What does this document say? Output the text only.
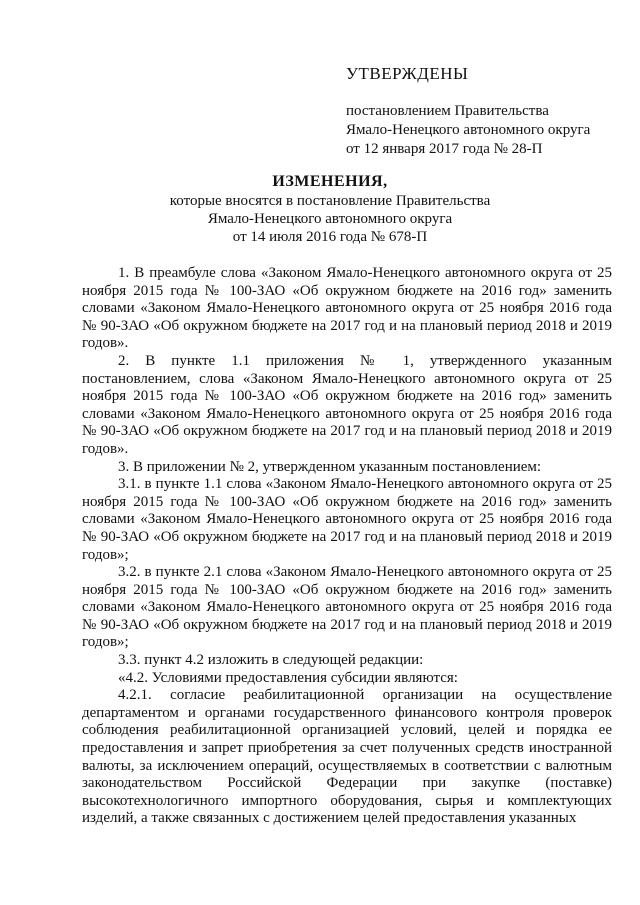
УТВЕРЖДЕНЫ
постановлением Правительства
Ямало-Ненецкого автономного округа
от 12 января 2017 года № 28-П
ИЗМЕНЕНИЯ,
которые вносятся в постановление Правительства
Ямало-Ненецкого автономного округа
от 14 июля 2016 года № 678-П

1. В преамбуле слова «Законом Ямало-Ненецкого автономного округа от 25 ноября 2015 года № 100-ЗАО «Об окружном бюджете на 2016 год» заменить словами «Законом Ямало-Ненецкого автономного округа от 25 ноября 2016 года № 90-ЗАО «Об окружном бюджете на 2017 год и на плановый период 2018 и 2019 годов».

2. В пункте 1.1 приложения № 1, утвержденного указанным постановлением, слова «Законом Ямало-Ненецкого автономного округа от 25 ноября 2015 года № 100-ЗАО «Об окружном бюджете на 2016 год» заменить словами «Законом Ямало-Ненецкого автономного округа от 25 ноября 2016 года № 90-ЗАО «Об окружном бюджете на 2017 год и на плановый период 2018 и 2019 годов».

3. В приложении № 2, утвержденном указанным постановлением:

3.1. в пункте 1.1 слова «Законом Ямало-Ненецкого автономного округа от 25 ноября 2015 года № 100-ЗАО «Об окружном бюджете на 2016 год» заменить словами «Законом Ямало-Ненецкого автономного округа от 25 ноября 2016 года № 90-ЗАО «Об окружном бюджете на 2017 год и на плановый период 2018 и 2019 годов»;

3.2. в пункте 2.1 слова «Законом Ямало-Ненецкого автономного округа от 25 ноября 2015 года № 100-ЗАО «Об окружном бюджете на 2016 год» заменить словами «Законом Ямало-Ненецкого автономного округа от 25 ноября 2016 года № 90-ЗАО «Об окружном бюджете на 2017 год и на плановый период 2018 и 2019 годов»;

3.3. пункт 4.2 изложить в следующей редакции:

«4.2. Условиями предоставления субсидии являются:

4.2.1. согласие реабилитационной организации на осуществление департаментом и органами государственного финансового контроля проверок соблюдения реабилитационной организацией условий, целей и порядка ее предоставления и запрет приобретения за счет полученных средств иностранной валюты, за исключением операций, осуществляемых в соответствии с валютным законодательством Российской Федерации при закупке (поставке) высокотехнологичного импортного оборудования, сырья и комплектующих изделий, а также связанных с достижением целей предоставления указанных
